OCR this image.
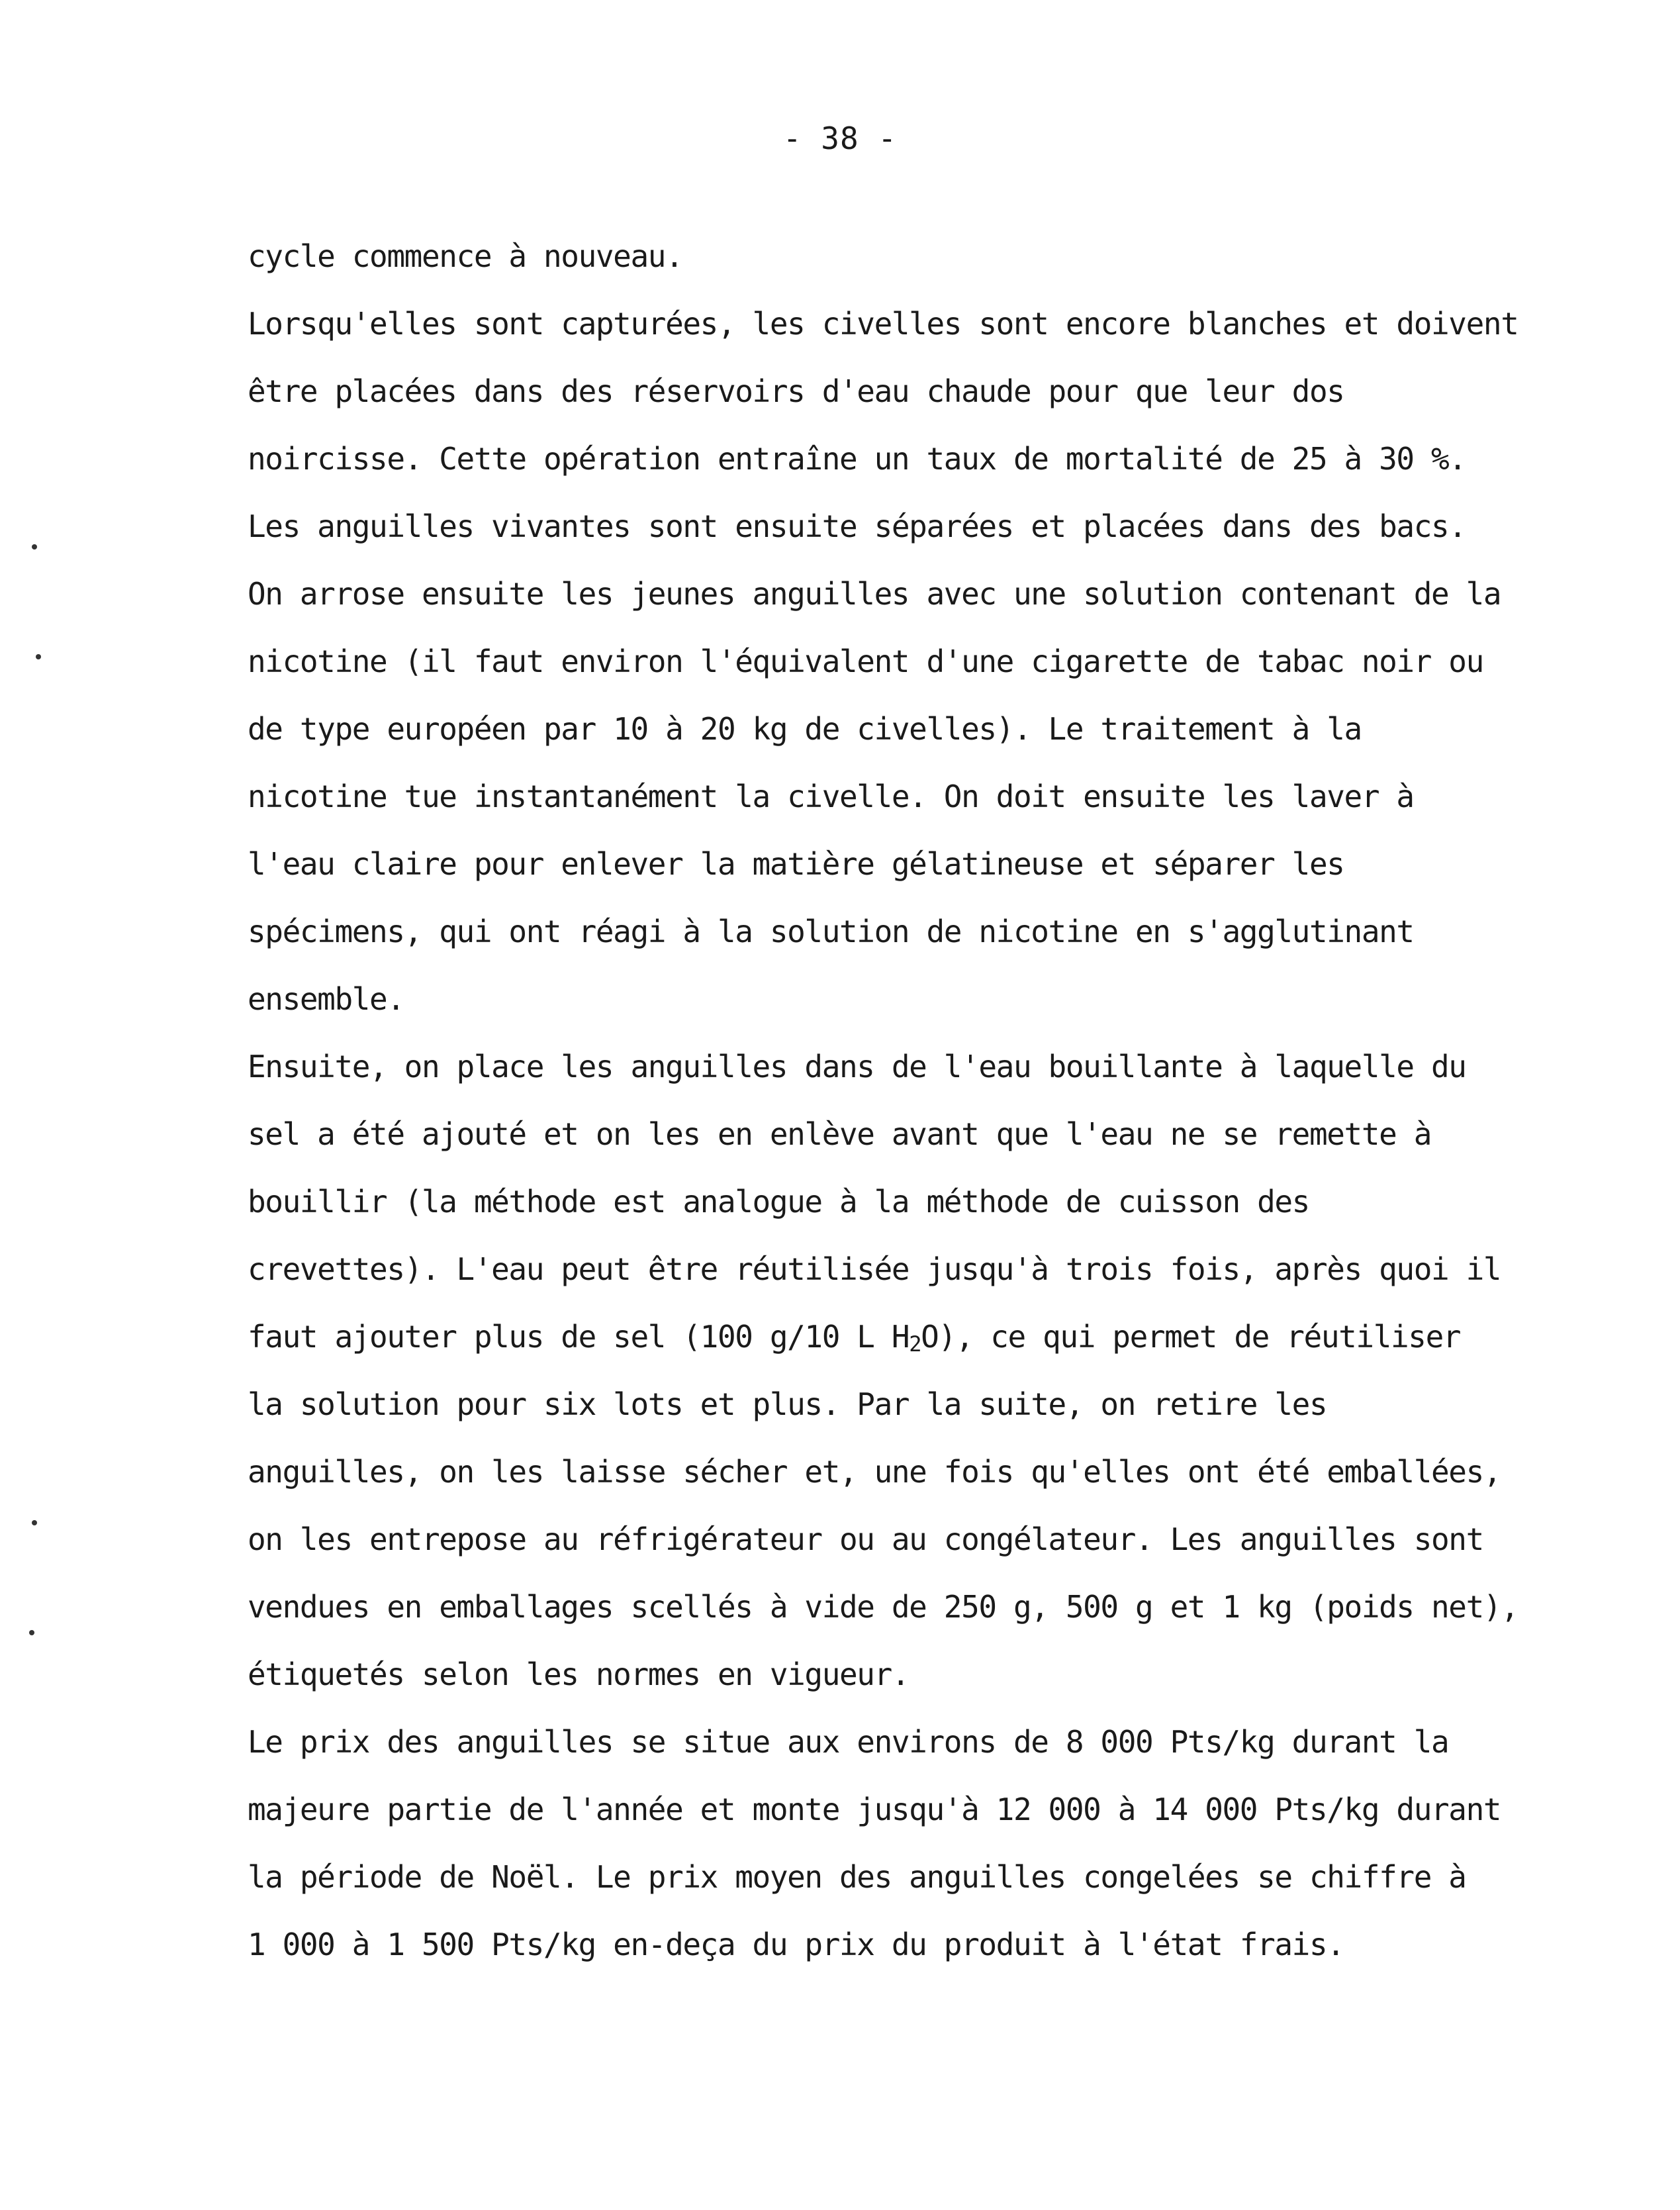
- 38 -
cycle commence à nouveau.
Lorsqu'elles sont capturées, les civelles sont encore blanches et doivent
être placées dans des réservoirs d'eau chaude pour que leur dos
noircisse. Cette opération entraîne un taux de mortalité de 25 à 30 %.
Les anguilles vivantes sont ensuite séparées et placées dans des bacs.
On arrose ensuite les jeunes anguilles avec une solution contenant de la
nicotine (il faut environ l'équivalent d'une cigarette de tabac noir ou
de type européen par 10 à 20 kg de civelles). Le traitement à la
nicotine tue instantanément la civelle. On doit ensuite les laver à
l'eau claire pour enlever la matière gélatineuse et séparer les
spécimens, qui ont réagi à la solution de nicotine en s'agglutinant
ensemble.
Ensuite, on place les anguilles dans de l'eau bouillante à laquelle du
sel a été ajouté et on les en enlève avant que l'eau ne se remette à
bouillir (la méthode est analogue à la méthode de cuisson des
crevettes). L'eau peut être réutilisée jusqu'à trois fois, après quoi il
faut ajouter plus de sel (100 g/10 L $H_2O$), ce qui permet de réutiliser
la solution pour six lots et plus. Par la suite, on retire les
anguilles, on les laisse sécher et, une fois qu'elles ont été emballées,
on les entrepose au réfrigérateur ou au congélateur. Les anguilles sont
vendues en emballages scellés à vide de 250 g, 500 g et 1 kg (poids net),
étiquetés selon les normes en vigueur.
Le prix des anguilles se situe aux environs de 8 000 Pts/kg durant la
majeure partie de l'année et monte jusqu'à 12 000 à 14 000 Pts/kg durant
la période de Noël. Le prix moyen des anguilles congelées se chiffre à
1 000 à 1 500 Pts/kg en-deça du prix du produit à l'état frais.
